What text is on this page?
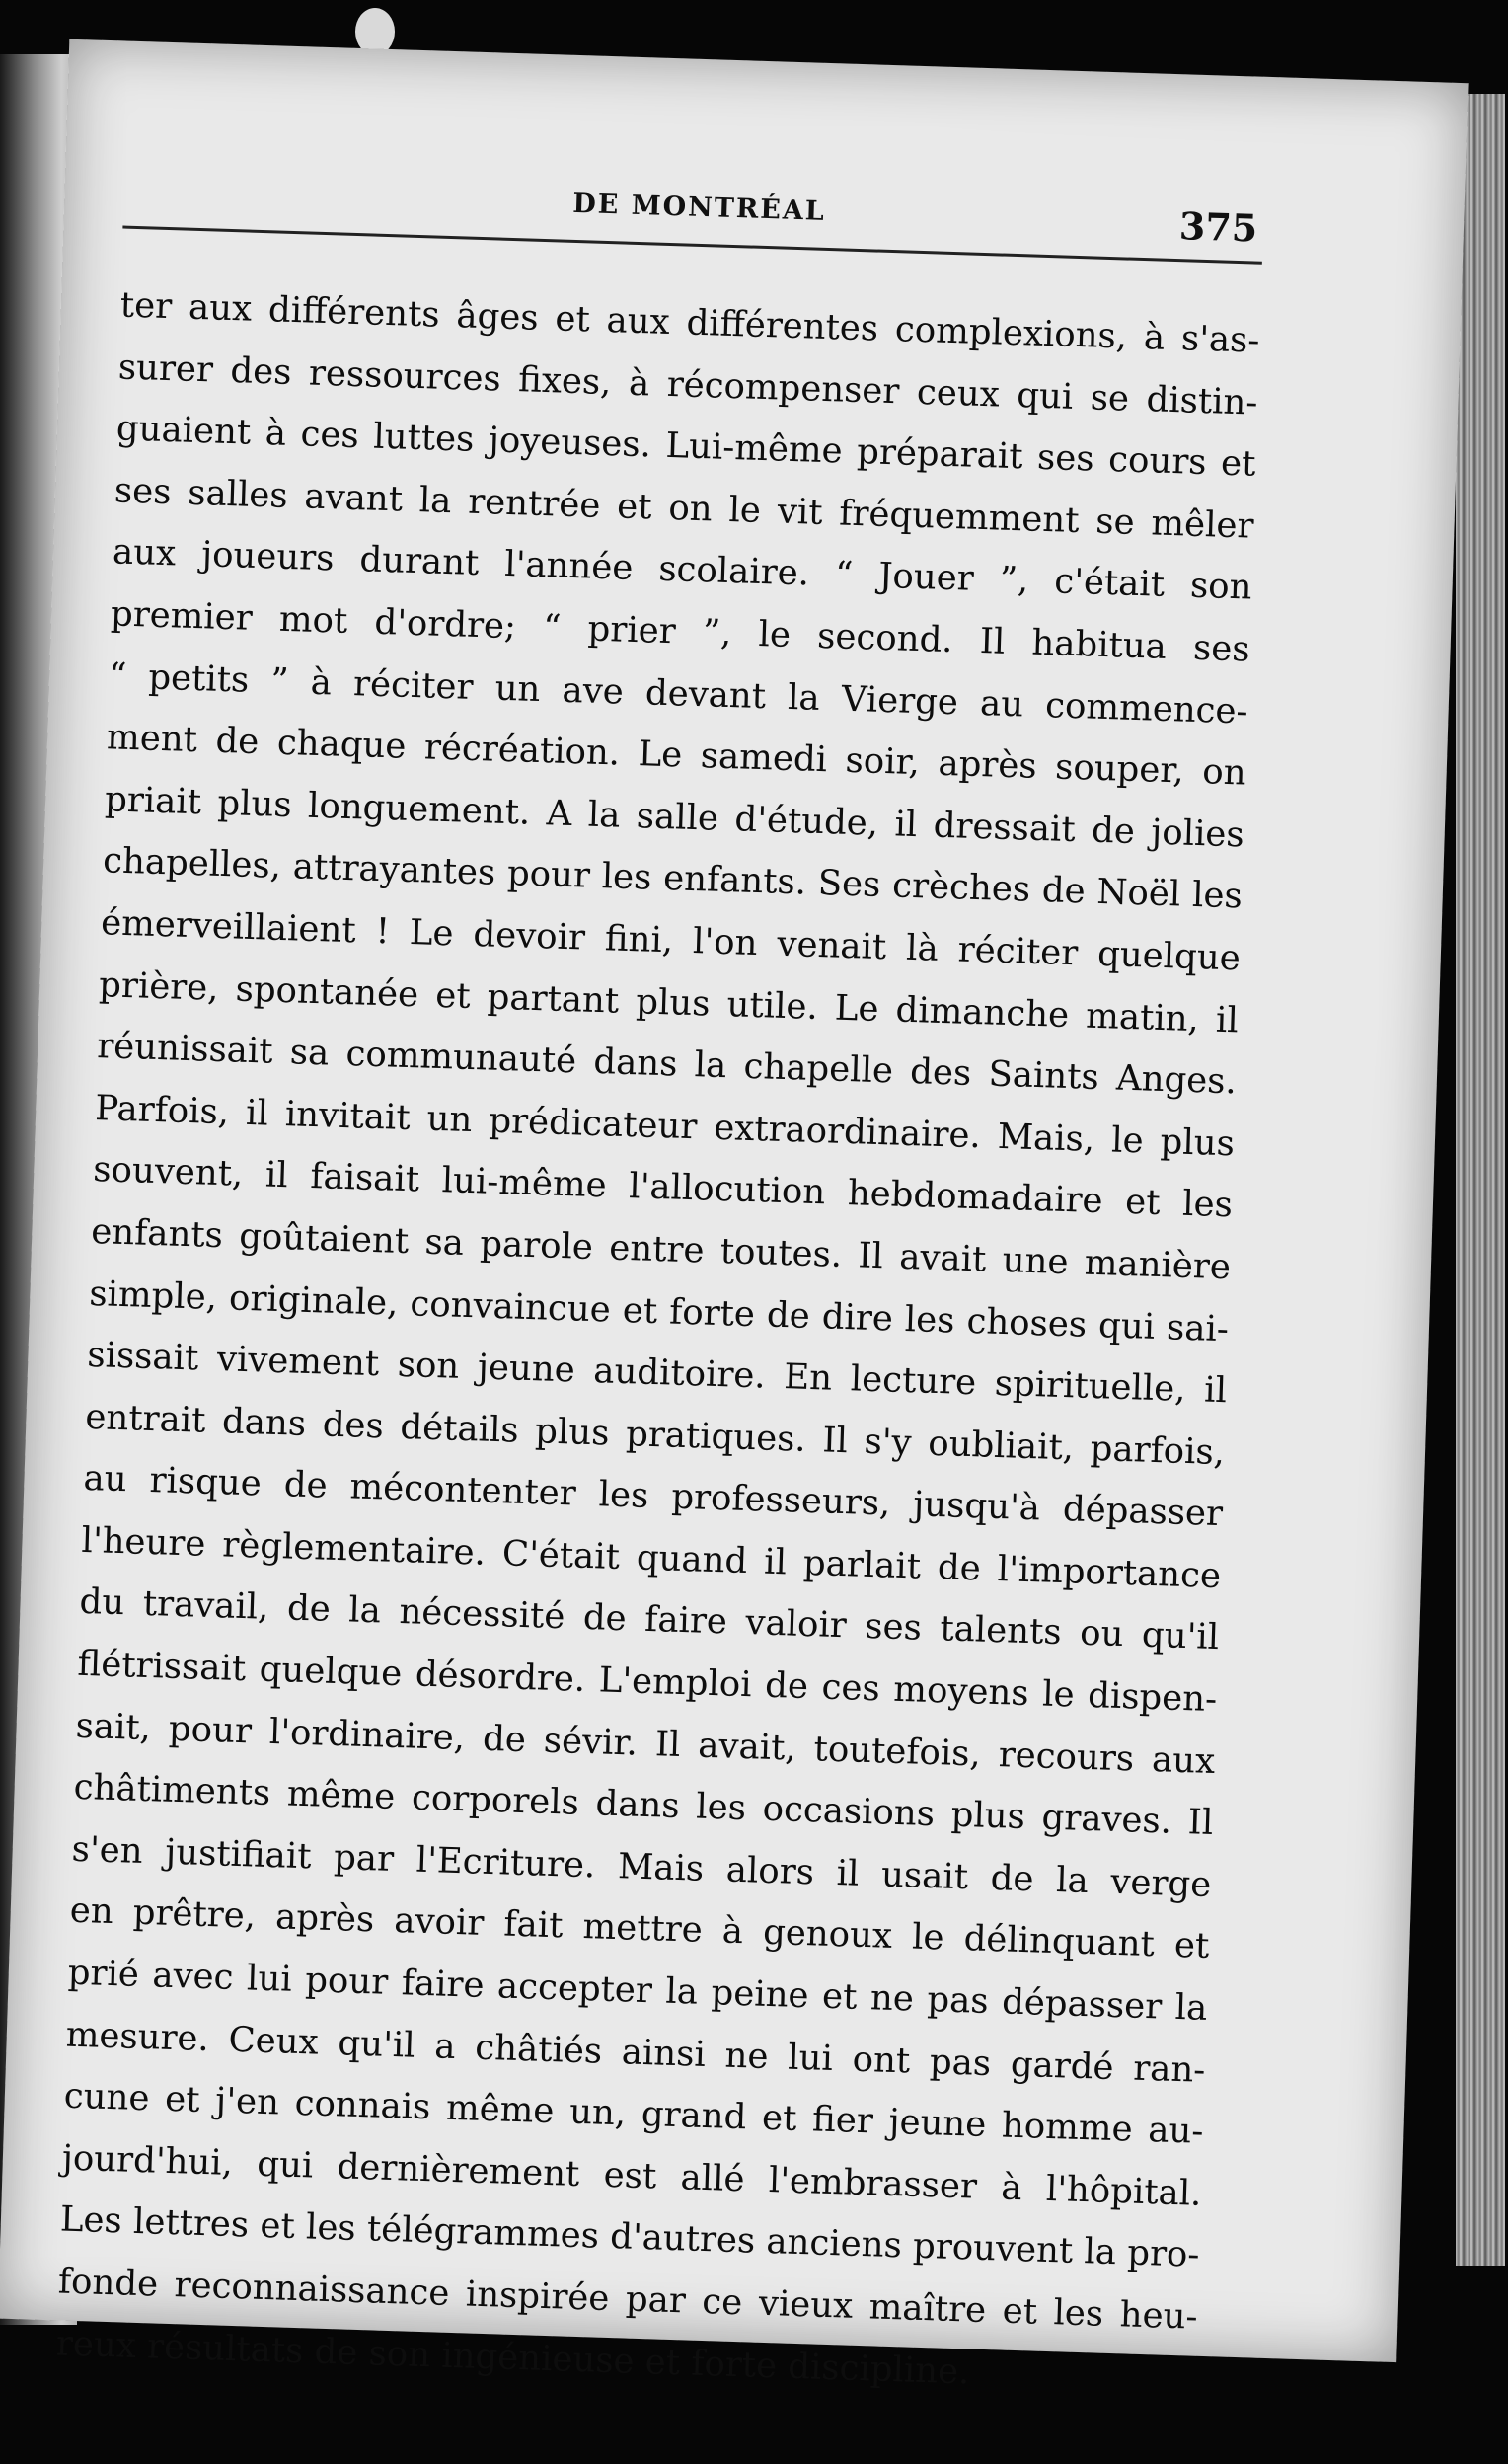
DE MONTRÉAL	375
ter aux différents âges et aux différentes complexions, à s'as-
surer des ressources fixes, à récompenser ceux qui se distin-
guaient à ces luttes joyeuses. Lui-même préparait ses cours et
ses salles avant la rentrée et on le vit fréquemment se mêler
aux joueurs durant l'année scolaire. “ Jouer ”, c'était son
premier mot d'ordre; “ prier ”, le second. Il habitua ses
“ petits ” à réciter un ave devant la Vierge au commence-
ment de chaque récréation. Le samedi soir, après souper, on
priait plus longuement. A la salle d'étude, il dressait de jolies
chapelles, attrayantes pour les enfants. Ses crèches de Noël les
émerveillaient ! Le devoir fini, l'on venait là réciter quelque
prière, spontanée et partant plus utile. Le dimanche matin, il
réunissait sa communauté dans la chapelle des Saints Anges.
Parfois, il invitait un prédicateur extraordinaire. Mais, le plus
souvent, il faisait lui-même l'allocution hebdomadaire et les
enfants goûtaient sa parole entre toutes. Il avait une manière
simple, originale, convaincue et forte de dire les choses qui sai-
sissait vivement son jeune auditoire. En lecture spirituelle, il
entrait dans des détails plus pratiques. Il s'y oubliait, parfois,
au risque de mécontenter les professeurs, jusqu'à dépasser
l'heure règlementaire. C'était quand il parlait de l'importance
du travail, de la nécessité de faire valoir ses talents ou qu'il
flétrissait quelque désordre. L'emploi de ces moyens le dispen-
sait, pour l'ordinaire, de sévir. Il avait, toutefois, recours aux
châtiments même corporels dans les occasions plus graves. Il
s'en justifiait par l'Ecriture. Mais alors il usait de la verge
en prêtre, après avoir fait mettre à genoux le délinquant et
prié avec lui pour faire accepter la peine et ne pas dépasser la
mesure. Ceux qu'il a châtiés ainsi ne lui ont pas gardé ran-
cune et j'en connais même un, grand et fier jeune homme au-
jourd'hui, qui dernièrement est allé l'embrasser à l'hôpital.
Les lettres et les télégrammes d'autres anciens prouvent la pro-
fonde reconnaissance inspirée par ce vieux maître et les heu-
reux résultats de son ingénieuse et forte discipline.
